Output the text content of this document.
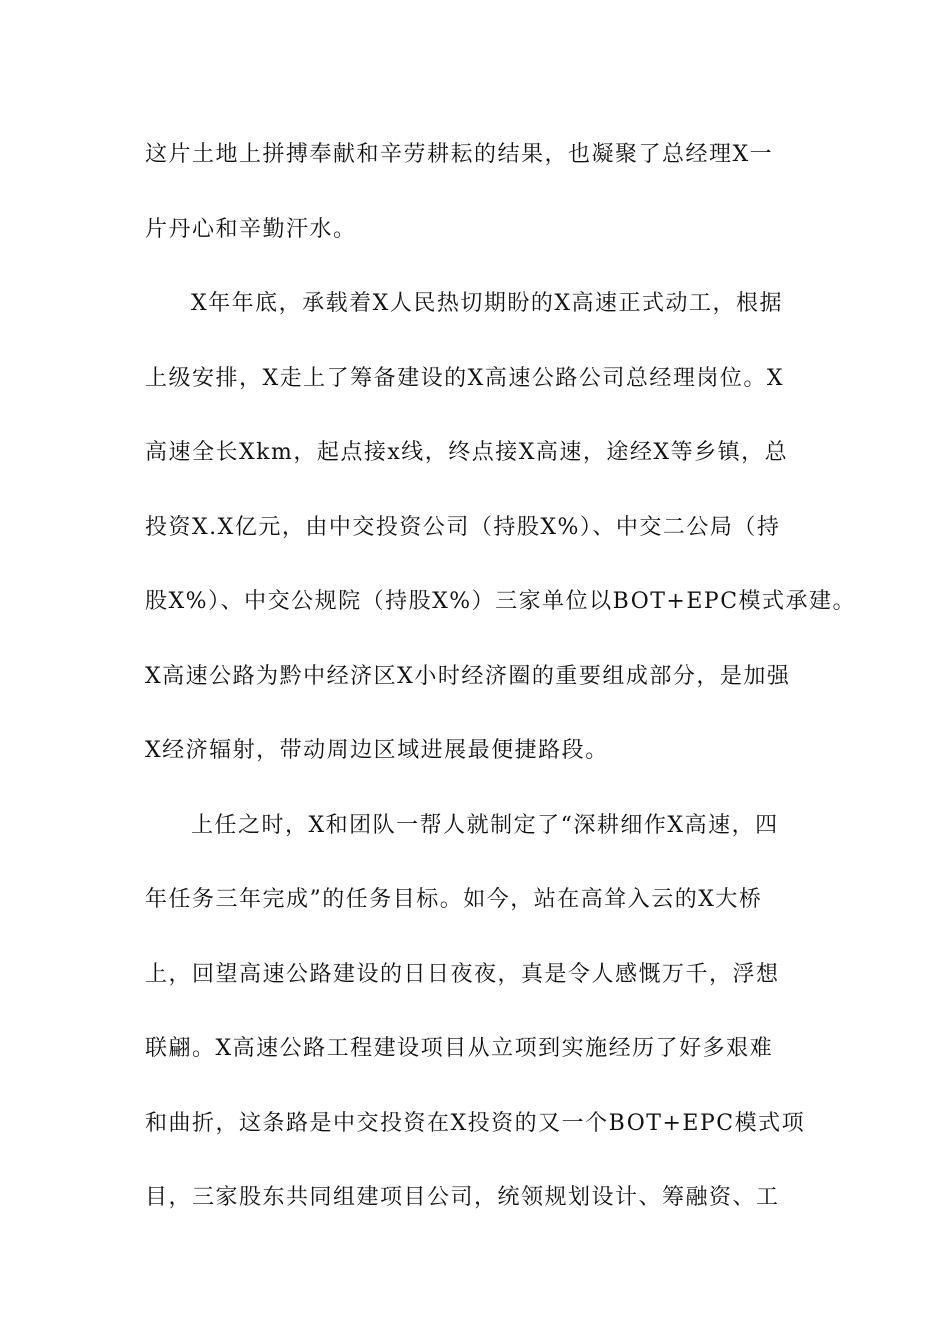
这片土地上拼搏奉献和辛劳耕耘的结果，也凝聚了总经理X一
片丹心和辛勤汗水。
X年年底，承载着X人民热切期盼的X高速正式动工，根据
上级安排，X走上了筹备建设的X高速公路公司总经理岗位。X
高速全长Xkm，起点接x线，终点接X高速，途经X等乡镇，总
投资X.X亿元，由中交投资公司（持股X%）、中交二公局（持
股X%）、中交公规院（持股X%）三家单位以BOT+EPC模式承建。
X高速公路为黔中经济区X小时经济圈的重要组成部分，是加强
X经济辐射，带动周边区域进展最便捷路段。
上任之时，X和团队一帮人就制定了“深耕细作X高速，四
年任务三年完成”的任务目标。如今，站在高耸入云的X大桥
上，回望高速公路建设的日日夜夜，真是令人感慨万千，浮想
联翩。X高速公路工程建设项目从立项到实施经历了好多艰难
和曲折，这条路是中交投资在X投资的又一个BOT+EPC模式项
目，三家股东共同组建项目公司，统领规划设计、筹融资、工
